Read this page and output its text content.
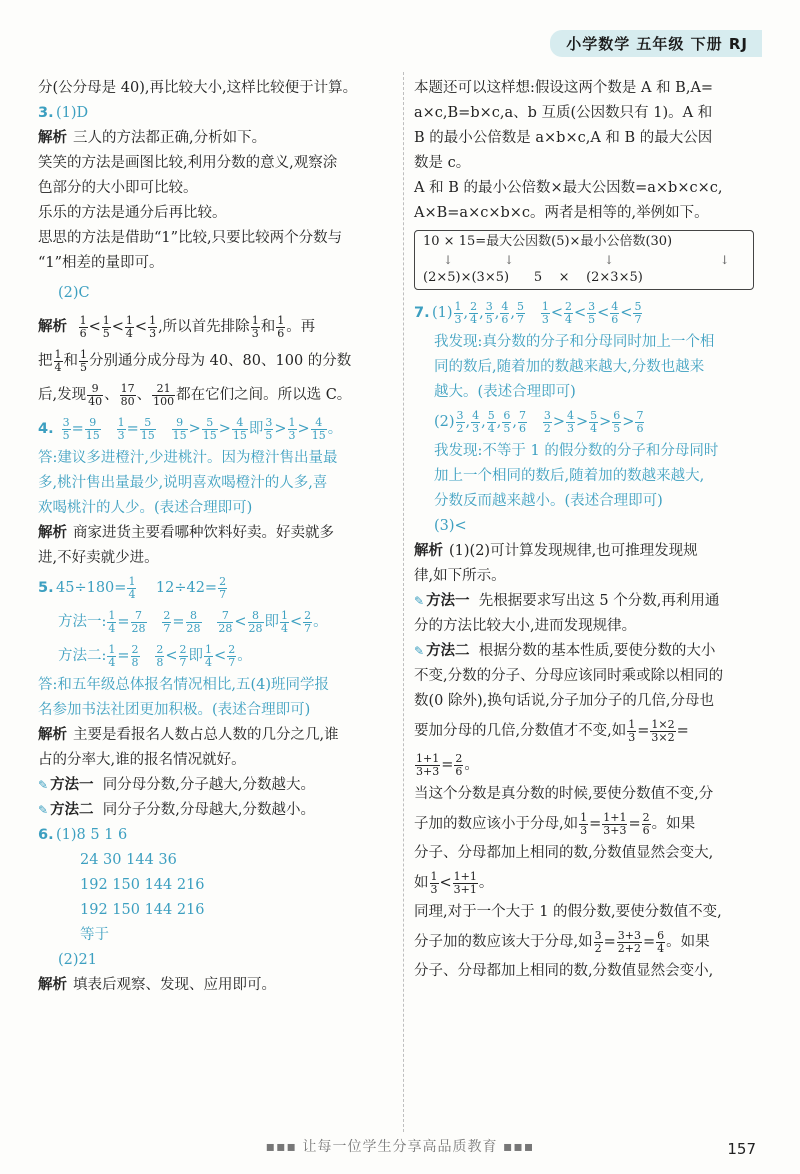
小学数学 五年级 下册 RJ
分(公分母是 40),再比较大小,这样比较便于计算。
3. (1)D
解析 三人的方法都正确,分析如下。
笑笑的方法是画图比较,利用分数的意义,观察涂
色部分的大小即可比较。
乐乐的方法是通分后再比较。
思思的方法是借助“1”比较,只要比较两个分数与
“1”相差的量即可。
(2)C
解析 $\frac{1}{6} < \frac{1}{5} < \frac{1}{4} < \frac{1}{3}$ ,所以首先排除 $\frac{1}{3}$ 和 $\frac{1}{6}$ 。再
把 $\frac{1}{4}$ 和 $\frac{1}{5}$ 分别通分成分母为 40、80、100 的分数
后,发现 $\frac{9}{40}$ 、 $\frac{17}{80}$ 、 $\frac{21}{100}$ 都在它们之间。所以选 C。
4. $\frac{3}{5} = \frac{9}{15}$
$\frac{1}{3} = \frac{5}{15}$
$\frac{9}{15} > \frac{5}{15} > \frac{4}{15}$ 即 $\frac{3}{5} > \frac{1}{3} > \frac{4}{15}$ 。
答:建议多进橙汁,少进桃汁。因为橙汁售出量最
多,桃汁售出量最少,说明喜欢喝橙汁的人多,喜
欢喝桃汁的人少。(表述合理即可)
解析 商家进货主要看哪种饮料好卖。好卖就多
进,不好卖就少进。
5. $45\div 180= \frac{1}{4} 12\div 42= \frac{2}{7}$
方法一: $\frac{1}{4} = \frac{7}{28}$
$\frac{2}{7} = \frac{8}{28}$
$\frac{7}{28} < \frac{8}{28}$ 即 $\frac{1}{4} < \frac{2}{7}$ 。
方法二: $\frac{1}{4} = \frac{2}{8}$
$\frac{2}{8} < \frac{2}{7}$ 即 $\frac{1}{4} < \frac{2}{7}$ 。
答:和五年级总体报名情况相比,五(4)班同学报
名参加书法社团更加积极。(表述合理即可)
解析 主要是看报名人数占总人数的几分之几,谁
占的分率大,谁的报名情况就好。
✎ 方法一 同分母分数,分子越大,分数越大。
✎ 方法二 同分子分数,分母越大,分数越小。
6. (1)8 5 1 6
24 30 144 36
192 150 144 216
192 150 144 216
等于
(2)21
解析 填表后观察、发现、应用即可。
本题还可以这样想:假设这两个数是 A 和 B,A=
a×c,B=b×c,a、b 互质(公因数只有 1)。A 和
B 的最小公倍数是 a×b×c,A 和 B 的最大公因
数是 c。
A 和 B 的最小公倍数×最大公因数=a×b×c×c,
A×B=a×c×b×c。两者是相等的,举例如下。
10 × 15=最大公因数(5)×最小公倍数(30)
↓      ↓           ↓             ↓
(2×5)×(3×5)      5    ×    (2×3×5)
7. $(1) \frac{1}{3}$ , $\frac{2}{4}$ , $\frac{3}{5}$ , $\frac{4}{6}$ , $\frac{5}{7}$
$\frac{1}{3} < \frac{2}{4} < \frac{3}{5} < \frac{4}{6} < \frac{5}{7}$
我发现:真分数的分子和分母同时加上一个相
同的数后,随着加的数越来越大,分数也越来
越大。(表述合理即可)
$(2) \frac{3}{2}$ , $\frac{4}{3}$ , $\frac{5}{4}$ , $\frac{6}{5}$ , $\frac{7}{6}$
$\frac{3}{2} > \frac{4}{3} > \frac{5}{4} > \frac{6}{5} > \frac{7}{6}$
我发现:不等于 1 的假分数的分子和分母同时
加上一个相同的数后,随着加的数越来越大,
分数反而越来越小。(表述合理即可)
(3)<
解析 (1)(2)可计算发现规律,也可推理发现规
律,如下所示。
✎ 方法一 先根据要求写出这 5 个分数,再利用通
分的方法比较大小,进而发现规律。
✎ 方法二 根据分数的基本性质,要使分数的大小
不变,分数的分子、分母应该同时乘或除以相同的
数(0 除外),换句话说,分子加分子的几倍,分母也
要加分母的几倍,分数值才不变,如 $\frac{1}{3} = \frac{1\times 2}{3\times 2}$ =
$\frac{1+1}{3+3} = \frac{2}{6}$ 。
当这个分数是真分数的时候,要使分数值不变,分
子加的数应该小于分母,如 $\frac{1}{3} = \frac{1+1}{3+3} = \frac{2}{6}$ 。如果
分子、分母都加上相同的数,分数值显然会变大,
如 $\frac{1}{3} < \frac{1+1}{3+1}$ 。
同理,对于一个大于 1 的假分数,要使分数值不变,
分子加的数应该大于分母,如 $\frac{3}{2} = \frac{3+3}{2+2} = \frac{6}{4}$ 。如果
分子、分母都加上相同的数,分数值显然会变小,
▪▪▪ 让每一位学生分享高品质教育 ▪▪▪	157
